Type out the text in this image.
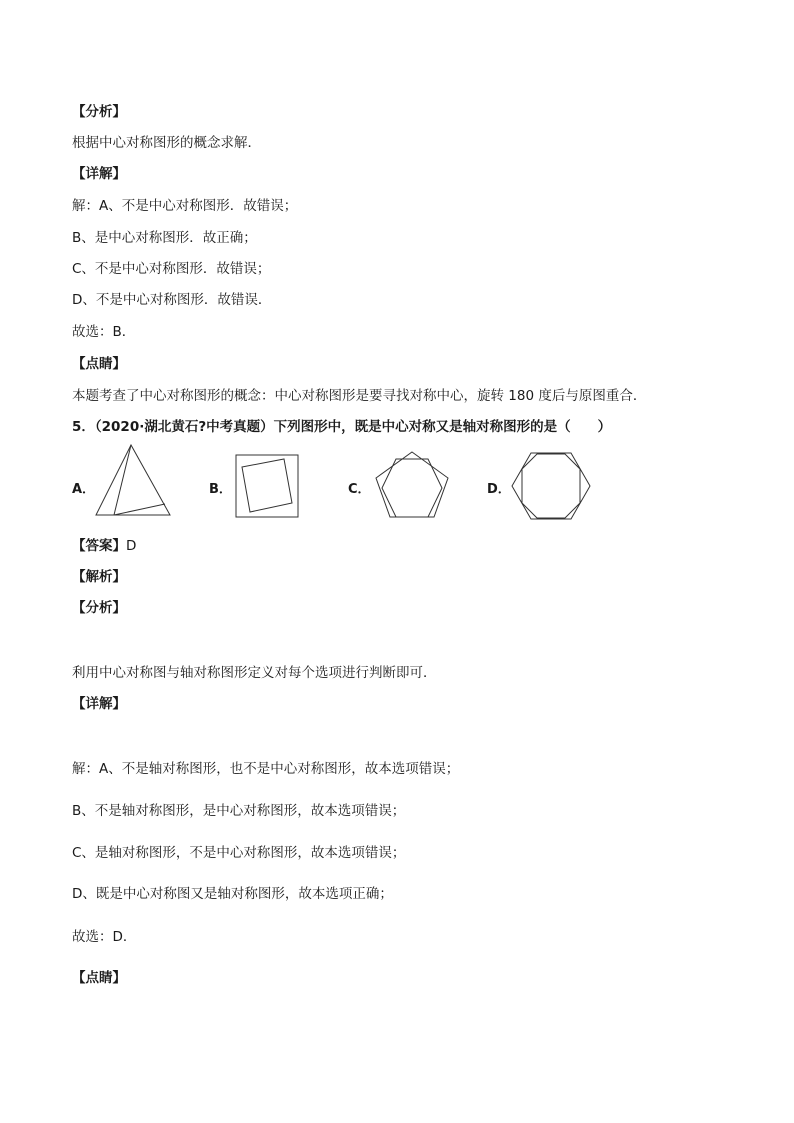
【分析】
根据中心对称图形的概念求解．
【详解】
解：A、不是中心对称图形．故错误；
B、是中心对称图形．故正确；
C、不是中心对称图形．故错误；
D、不是中心对称图形．故错误．
故选：B．
【点睛】
本题考查了中心对称图形的概念：中心对称图形是要寻找对称中心，旋转 180 度后与原图重合．
5．（2020·湖北黄石?中考真题）下列图形中，既是中心对称又是轴对称图形的是（　　）
A．	B．	C．	D．
【答案】D
【解析】
【分析】
利用中心对称图与轴对称图形定义对每个选项进行判断即可．
【详解】
解：A、不是轴对称图形，也不是中心对称图形，故本选项错误；
B、不是轴对称图形，是中心对称图形，故本选项错误；
C、是轴对称图形，不是中心对称图形，故本选项错误；
D、既是中心对称图又是轴对称图形，故本选项正确；
故选：D．
【点睛】
